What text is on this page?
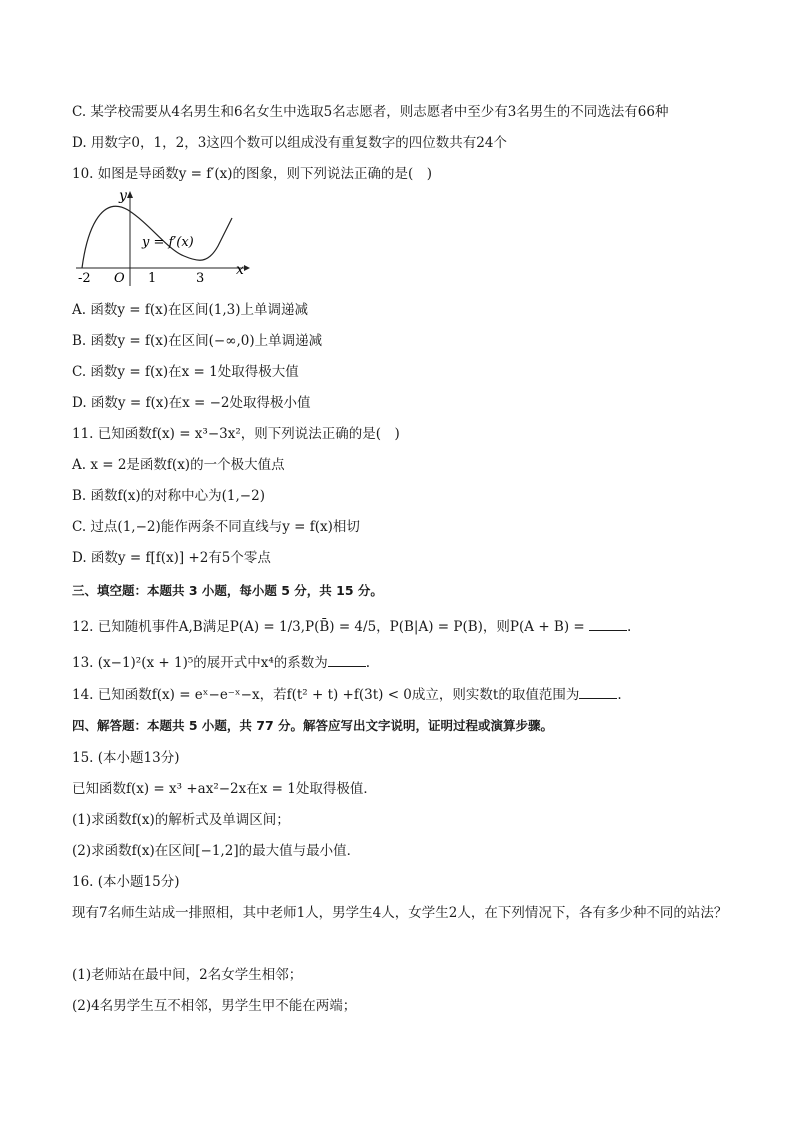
C. 某学校需要从4名男生和6名女生中选取5名志愿者，则志愿者中至少有3名男生的不同选法有66种
D. 用数字0，1，2，3这四个数可以组成没有重复数字的四位数共有24个
10. 如图是导函数y = f′(x)的图象，则下列说法正确的是(　)
y
x
y = f′(x)
-2 O 1	3
A. 函数y = f(x)在区间(1,3)上单调递减
B. 函数y = f(x)在区间(−∞,0)上单调递减
C. 函数y = f(x)在x = 1处取得极大值
D. 函数y = f(x)在x = −2处取得极小值
11. 已知函数f(x) = x³−3x²，则下列说法正确的是(　)
A. x = 2是函数f(x)的一个极大值点
B. 函数f(x)的对称中心为(1,−2)
C. 过点(1,−2)能作两条不同直线与y = f(x)相切
D. 函数y = f[f(x)] +2有5个零点
三、填空题：本题共 3 小题，每小题 5 分，共 15 分。
12. 已知随机事件A,B满足P(A) = 1/3,P(B̄) = 4/5，P(B|A) = P(B)，则P(A + B) =	.
13. (x−1)²(x + 1)⁵的展开式中x⁴的系数为	.
14. 已知函数f(x) = eˣ−e⁻ˣ−x，若f(t² + t) +f(3t) < 0成立，则实数t的取值范围为	.
四、解答题：本题共 5 小题，共 77 分。解答应写出文字说明，证明过程或演算步骤。
15. (本小题13分)
已知函数f(x) = x³ +ax²−2x在x = 1处取得极值．
(1)求函数f(x)的解析式及单调区间；
(2)求函数f(x)在区间[−1,2]的最大值与最小值．
16. (本小题15分)
现有7名师生站成一排照相，其中老师1人，男学生4人，女学生2人，在下列情况下，各有多少种不同的站法？
(1)老师站在最中间，2名女学生相邻；
(2)4名男学生互不相邻，男学生甲不能在两端；
